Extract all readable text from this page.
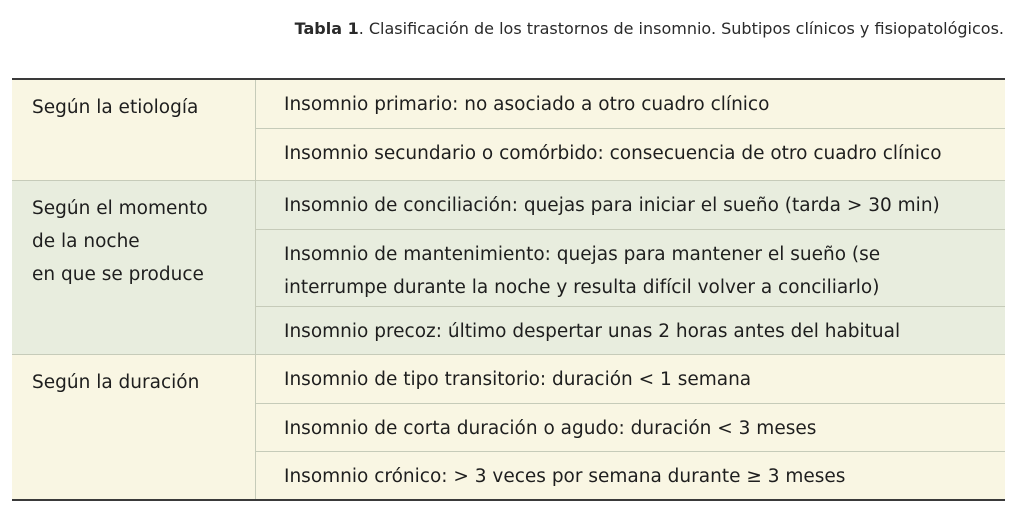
Tabla 1. Clasificación de los trastornos de insomnio. Subtipos clínicos y fisiopatológicos.
Según la etiología	Insomnio primario: no asociado a otro cuadro clínico
Insomnio secundario o comórbido: consecuencia de otro cuadro clínico
Según el momento
de la noche
en que se produce
Insomnio de conciliación: quejas para iniciar el sueño (tarda > 30 min)
Insomnio de mantenimiento: quejas para mantener el sueño (se
interrumpe durante la noche y resulta difícil volver a conciliarlo)
Insomnio precoz: último despertar unas 2 horas antes del habitual
Según la duración	Insomnio de tipo transitorio: duración < 1 semana
Insomnio de corta duración o agudo: duración < 3 meses
Insomnio crónico: > 3 veces por semana durante ≥ 3 meses
